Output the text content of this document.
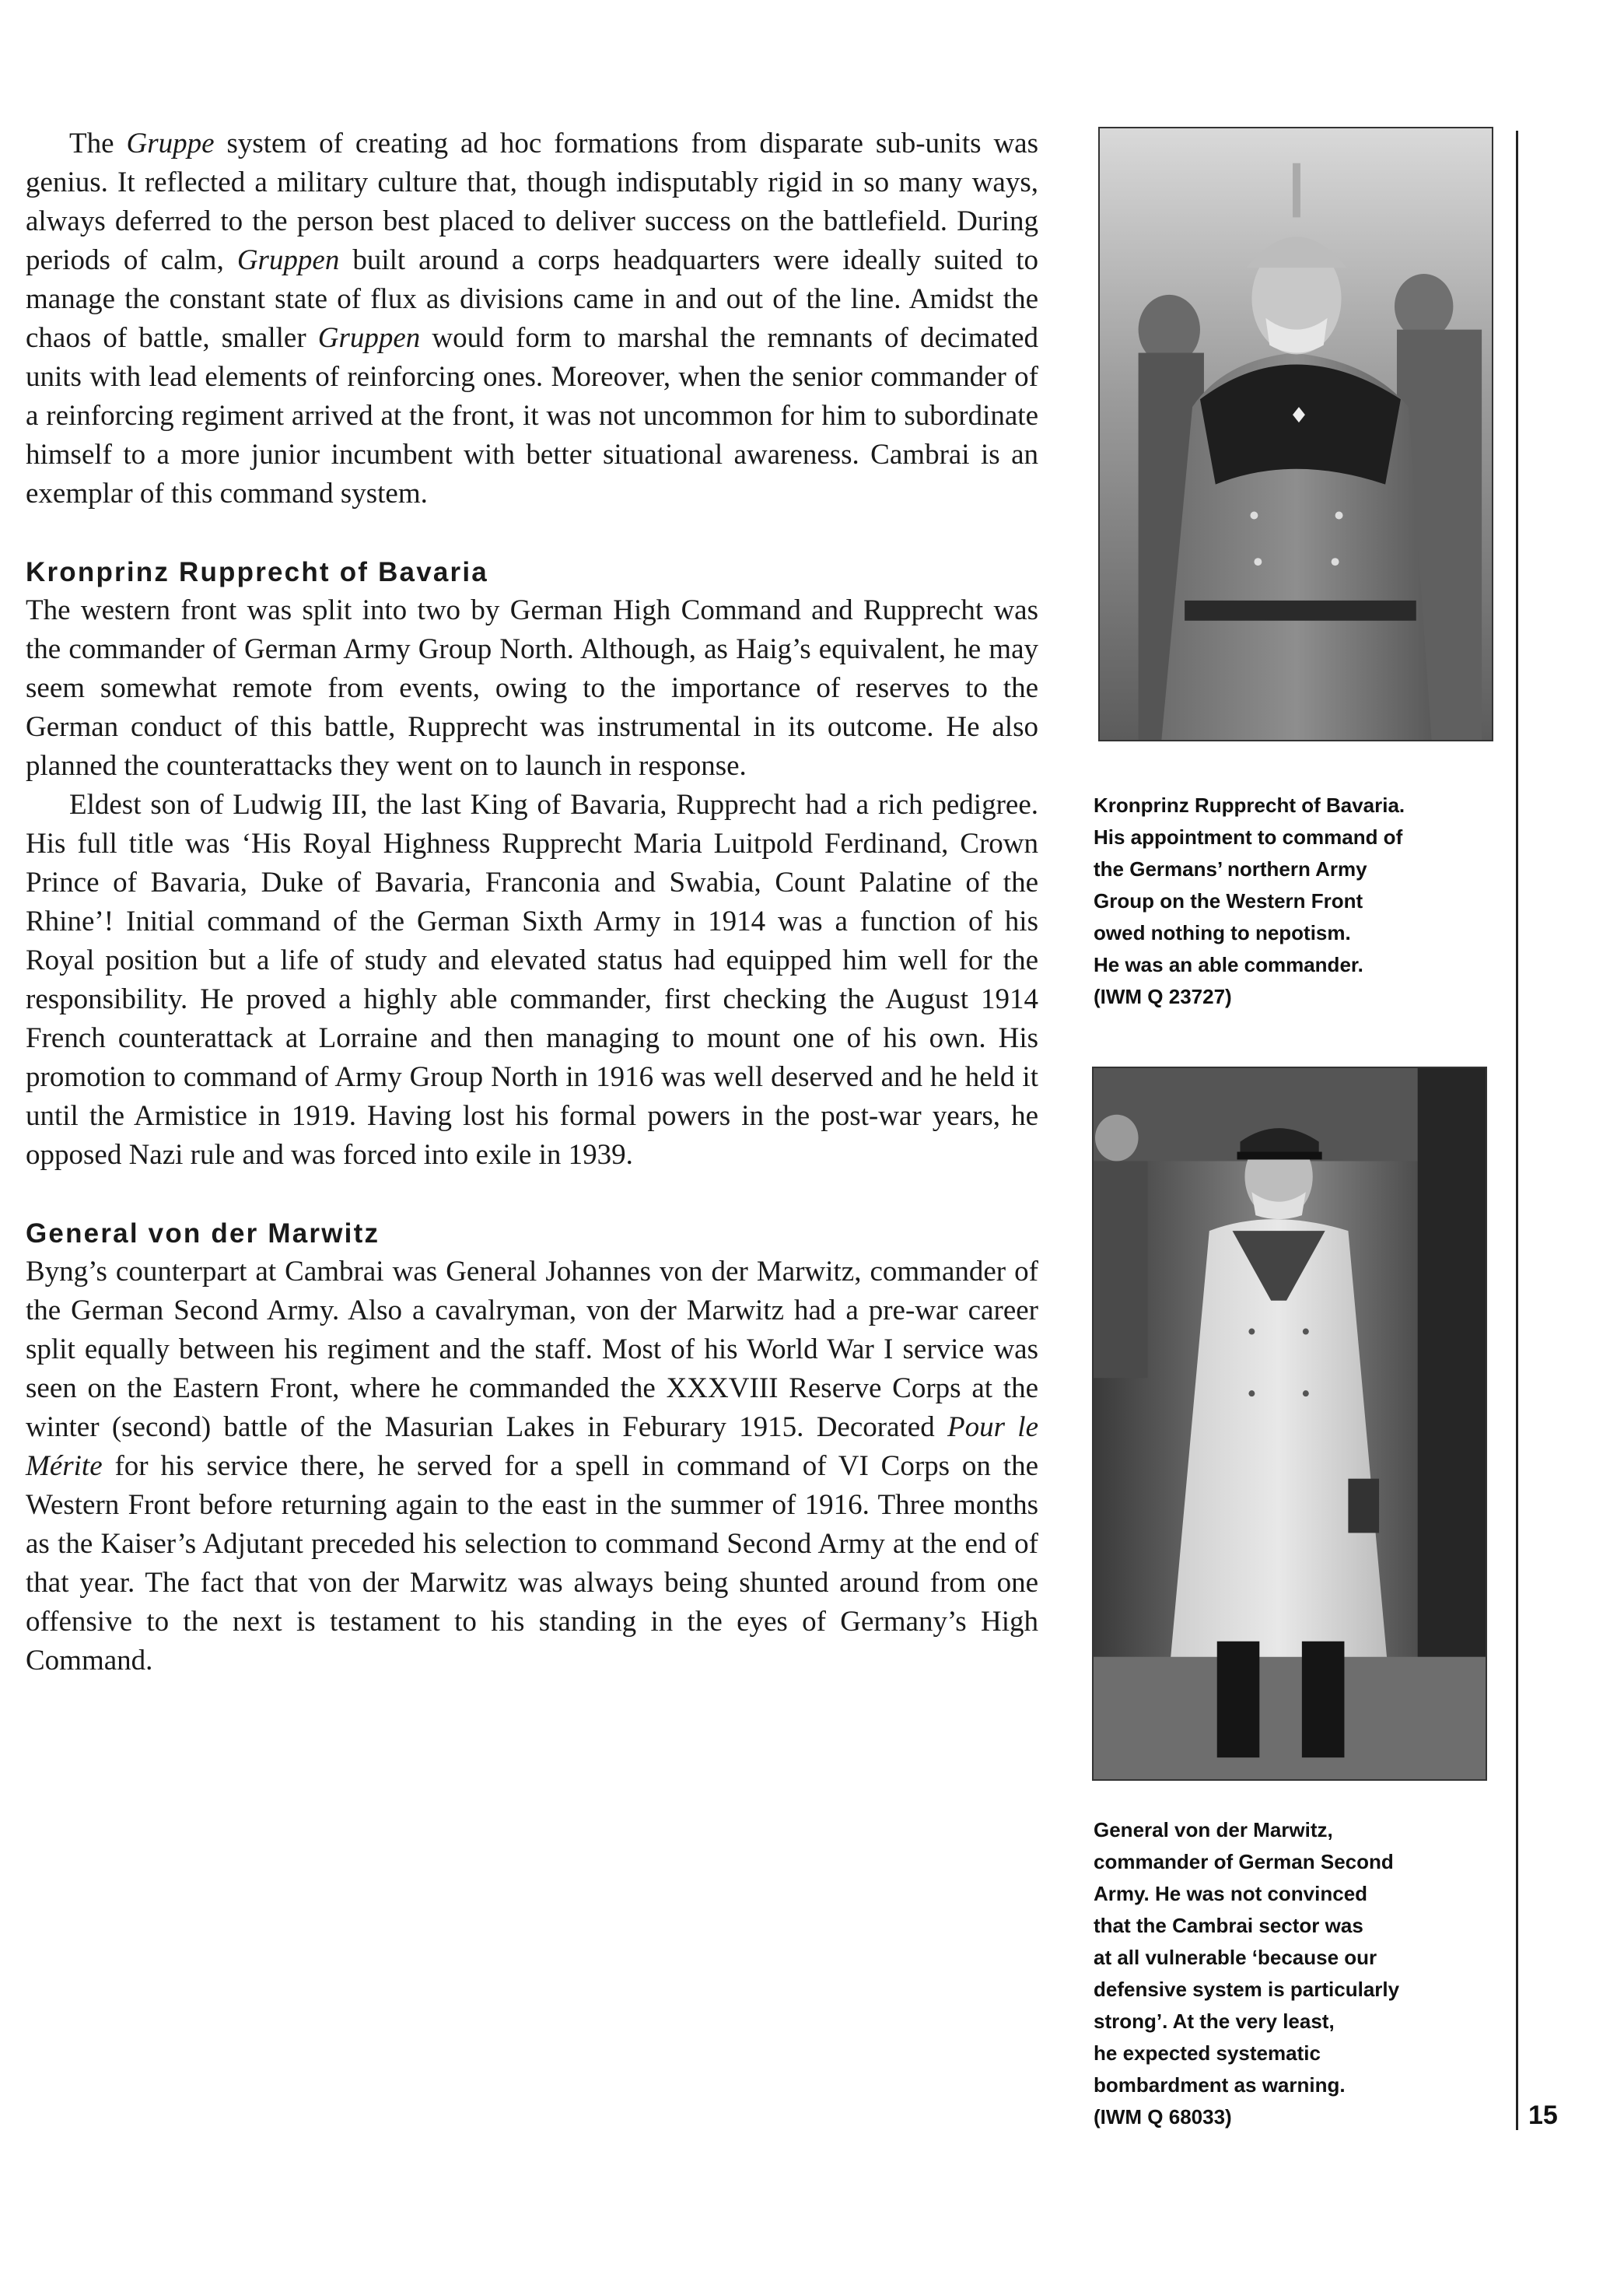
The Gruppe system of creating ad hoc formations from disparate sub-units was genius. It reflected a military culture that, though indisputably rigid in so many ways, always deferred to the person best placed to deliver success on the battlefield. During periods of calm, Gruppen built around a corps headquarters were ideally suited to manage the constant state of flux as divisions came in and out of the line. Amidst the chaos of battle, smaller Gruppen would form to marshal the remnants of decimated units with lead elements of reinforcing ones. Moreover, when the senior commander of a reinforcing regiment arrived at the front, it was not uncommon for him to subordinate himself to a more junior incumbent with better situational awareness. Cambrai is an exemplar of this command system.

Kronprinz Rupprecht of Bavaria

The western front was split into two by German High Command and Rupprecht was the commander of German Army Group North. Although, as Haig’s equivalent, he may seem somewhat remote from events, owing to the importance of reserves to the German conduct of this battle, Rupprecht was instrumental in its outcome. He also planned the counterattacks they went on to launch in response.

Eldest son of Ludwig III, the last King of Bavaria, Rupprecht had a rich pedigree. His full title was ‘His Royal Highness Rupprecht Maria Luitpold Ferdinand, Crown Prince of Bavaria, Duke of Bavaria, Franconia and Swabia, Count Palatine of the Rhine’! Initial command of the German Sixth Army in 1914 was a function of his Royal position but a life of study and elevated status had equipped him well for the responsibility. He proved a highly able commander, first checking the August 1914 French counterattack at Lorraine and then managing to mount one of his own. His promotion to command of Army Group North in 1916 was well deserved and he held it until the Armistice in 1919. Having lost his formal powers in the post-war years, he opposed Nazi rule and was forced into exile in 1939.

General von der Marwitz

Byng’s counterpart at Cambrai was General Johannes von der Marwitz, commander of the German Second Army. Also a cavalryman, von der Marwitz had a pre-war career split equally between his regiment and the staff. Most of his World War I service was seen on the Eastern Front, where he commanded the XXXVIII Reserve Corps at the winter (second) battle of the Masurian Lakes in Feburary 1915. Decorated Pour le Mérite for his service there, he served for a spell in command of VI Corps on the Western Front before returning again to the east in the summer of 1916. Three months as the Kaiser’s Adjutant preceded his selection to command Second Army at the end of that year. The fact that von der Marwitz was always being shunted around from one offensive to the next is testament to his standing in the eyes of Germany’s High Command.

Kronprinz Rupprecht of Bavaria.
His appointment to command of
the Germans’ northern Army
Group on the Western Front
owed nothing to nepotism.
He was an able commander.
(IWM Q 23727)

General von der Marwitz,
commander of German Second
Army. He was not convinced
that the Cambrai sector was
at all vulnerable ‘because our
defensive system is particularly
strong’. At the very least,
he expected systematic
bombardment as warning.
(IWM Q 68033)	15
